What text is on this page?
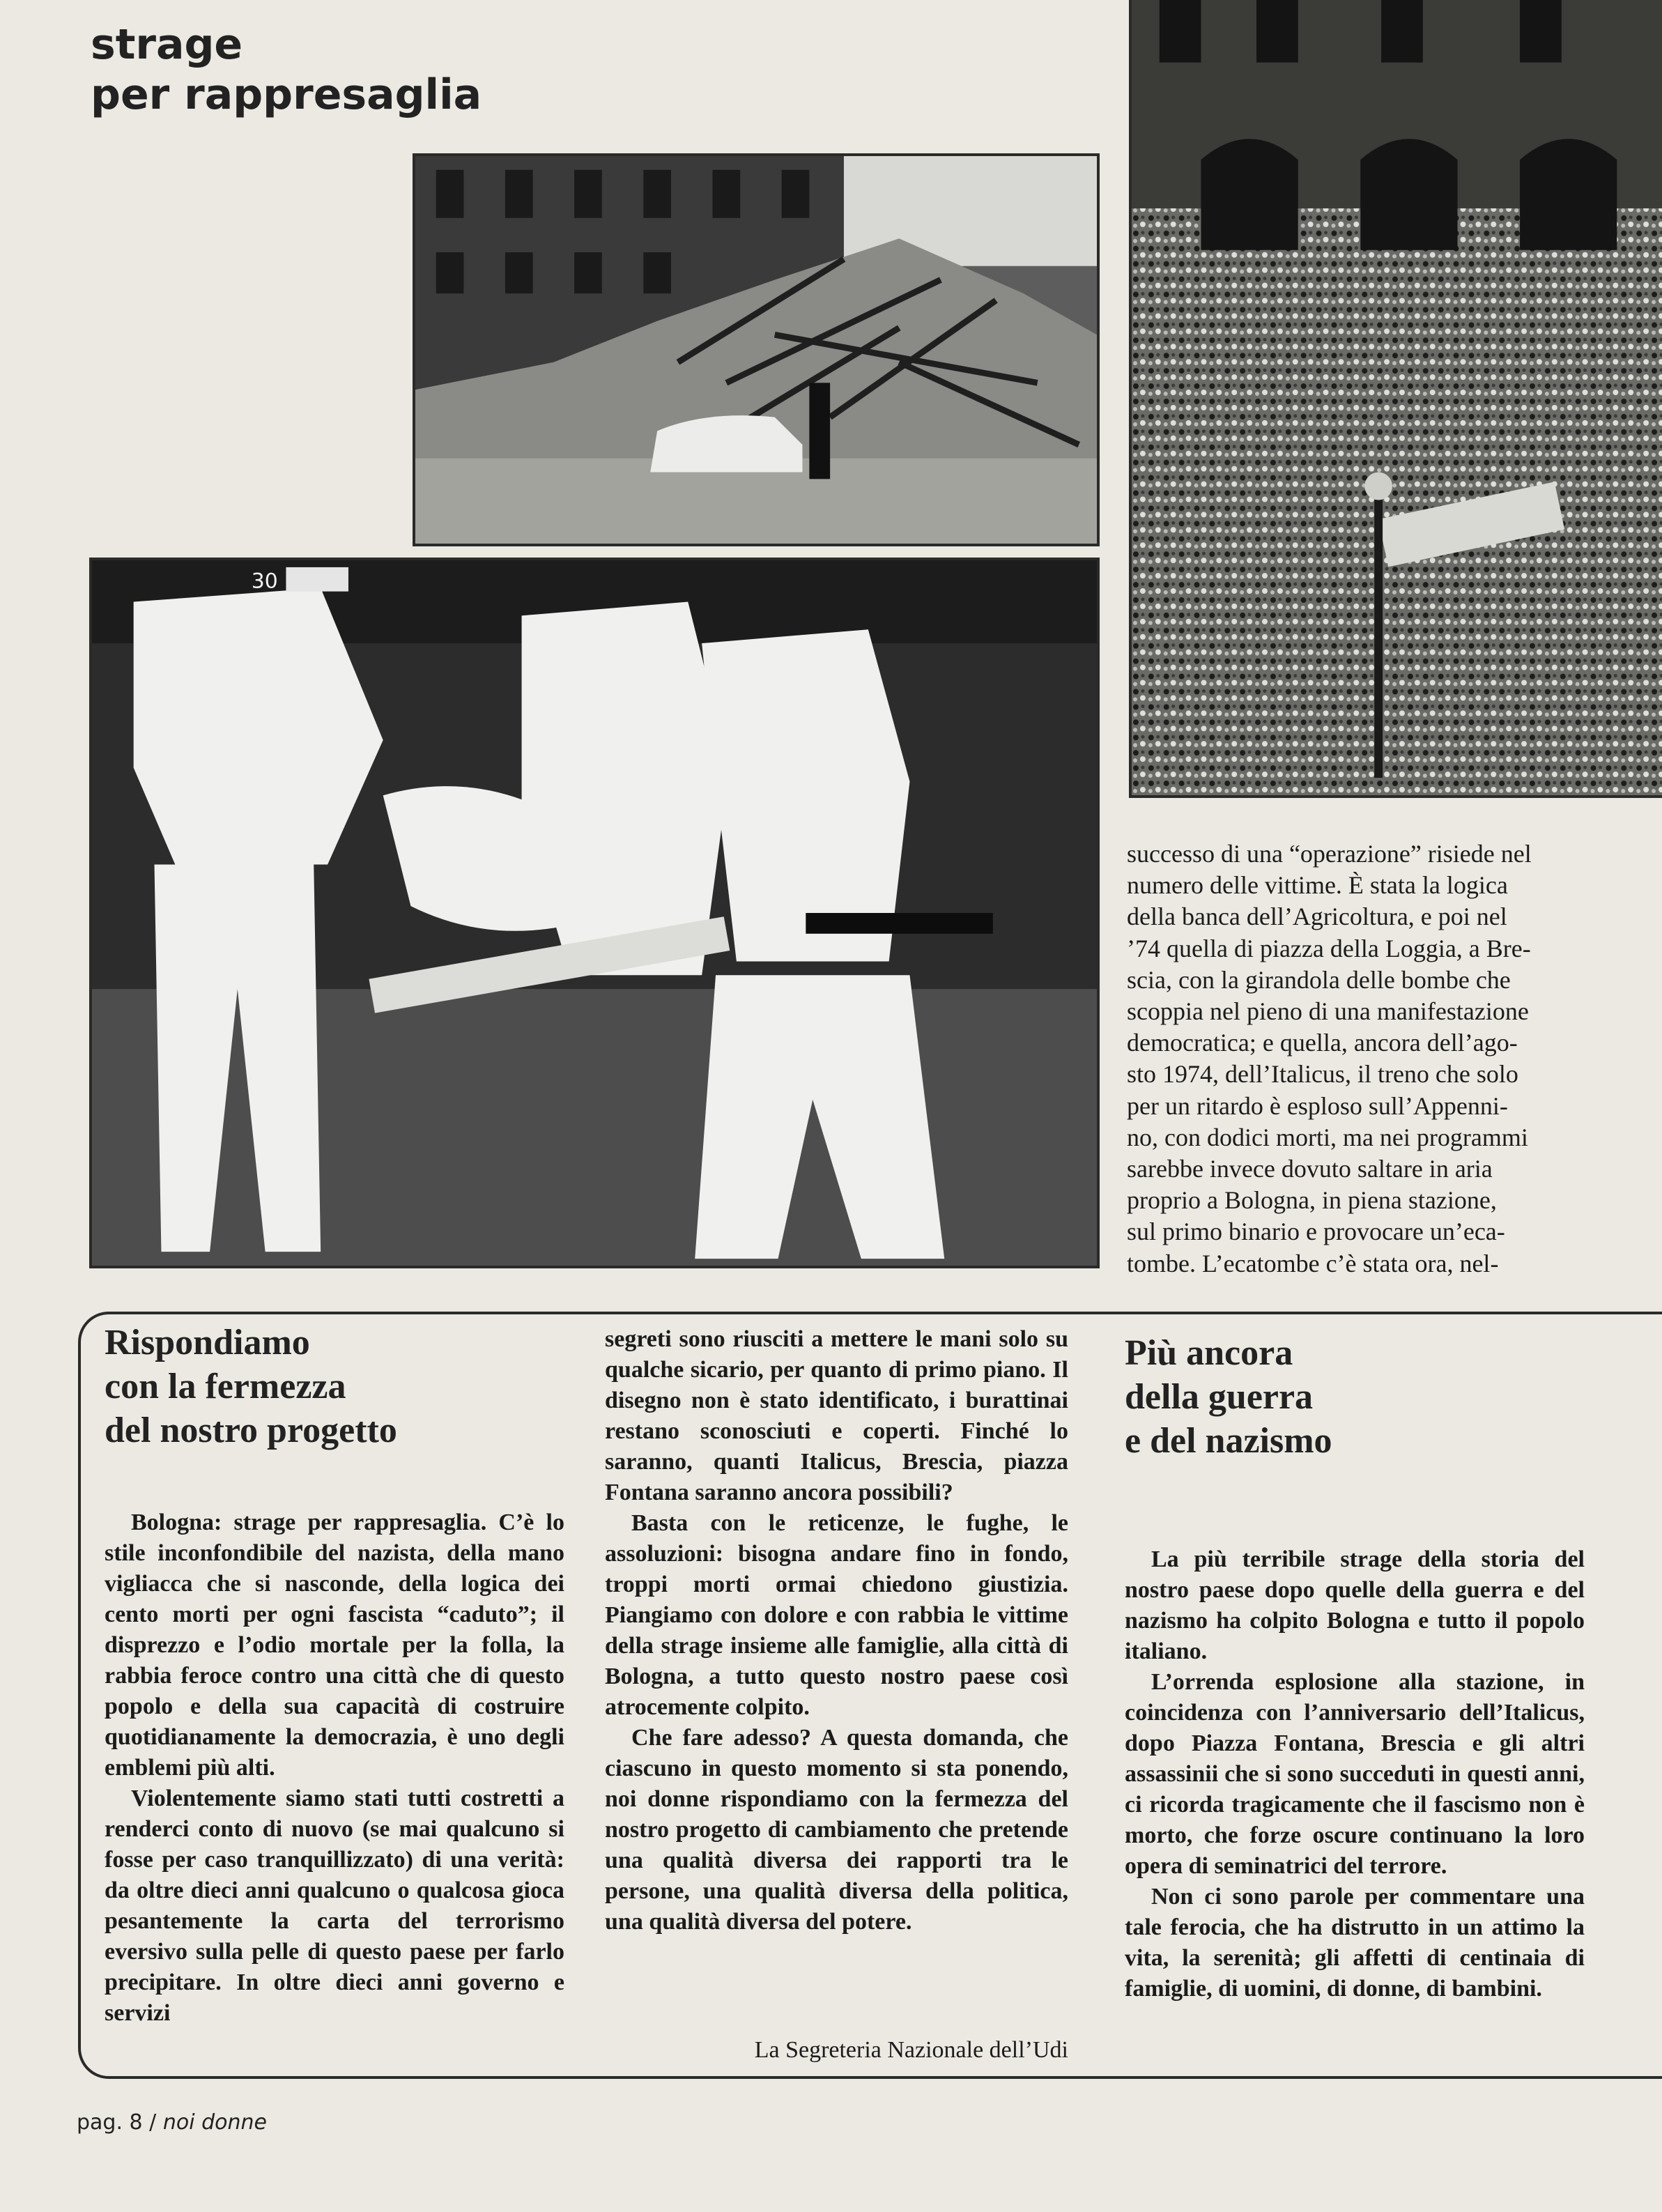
strage
per rappresaglia
30

successo di una “operazione” risiede nel

numero delle vittime. È stata la logica

della banca dell’Agricoltura, e poi nel

’74 quella di piazza della Loggia, a Bre-

scia, con la girandola delle bombe che

scoppia nel pieno di una manifestazione

democratica; e quella, ancora dell’ago-

sto 1974, dell’Italicus, il treno che solo

per un ritardo è esploso sull’Appenni-

no, con dodici morti, ma nei programmi

sarebbe invece dovuto saltare in aria

proprio a Bologna, in piena stazione,

sul primo binario e provocare un’eca-

tombe. L’ecatombe c’è stata ora, nel-

Rispondiamo
con la fermezza
del nostro progetto

Bologna: strage per rappresaglia. C’è lo stile inconfondibile del nazista, della mano vigliacca che si nasconde, della logica dei cento morti per ogni fascista “caduto”; il disprezzo e l’odio mortale per la folla, la rabbia feroce contro una città che di questo popolo e della sua capacità di costruire quotidianamente la democrazia, è uno degli emblemi più alti.

Violentemente siamo stati tutti costretti a renderci conto di nuovo (se mai qualcuno si fosse per caso tranquillizzato) di una verità: da oltre dieci anni qualcuno o qualcosa gioca pesantemente la carta del terrorismo eversivo sulla pelle di questo paese per farlo precipitare. In oltre dieci anni governo e servizi

segreti sono riusciti a mettere le mani solo su qualche sicario, per quanto di primo piano. Il disegno non è stato identificato, i burattinai restano sconosciuti e coperti. Finché lo saranno, quanti Italicus, Brescia, piazza Fontana saranno ancora possibili?

Basta con le reticenze, le fughe, le assoluzioni: bisogna andare fino in fondo, troppi morti ormai chiedono giustizia. Piangiamo con dolore e con rabbia le vittime della strage insieme alle famiglie, alla città di Bologna, a tutto questo nostro paese così atrocemente colpito.

Che fare adesso? A questa domanda, che ciascuno in questo momento si sta ponendo, noi donne rispondiamo con la fermezza del nostro progetto di cambiamento che pretende una qualità diversa dei rapporti tra le persone, una qualità diversa della politica, una qualità diversa del potere.

La Segreteria Nazionale dell’Udi
Più ancora
della guerra
e del nazismo

La più terribile strage della storia del nostro paese dopo quelle della guerra e del nazismo ha colpito Bologna e tutto il popolo italiano.

L’orrenda esplosione alla stazione, in coincidenza con l’anniversario dell’Italicus, dopo Piazza Fontana, Brescia e gli altri assassinii che si sono succeduti in questi anni, ci ricorda tragicamente che il fascismo non è morto, che forze oscure continuano la loro opera di seminatrici del terrore.

Non ci sono parole per commentare una tale ferocia, che ha distrutto in un attimo la vita, la serenità; gli affetti di centinaia di famiglie, di uomini, di donne, di bambini.

pag. 8 / noi donne
